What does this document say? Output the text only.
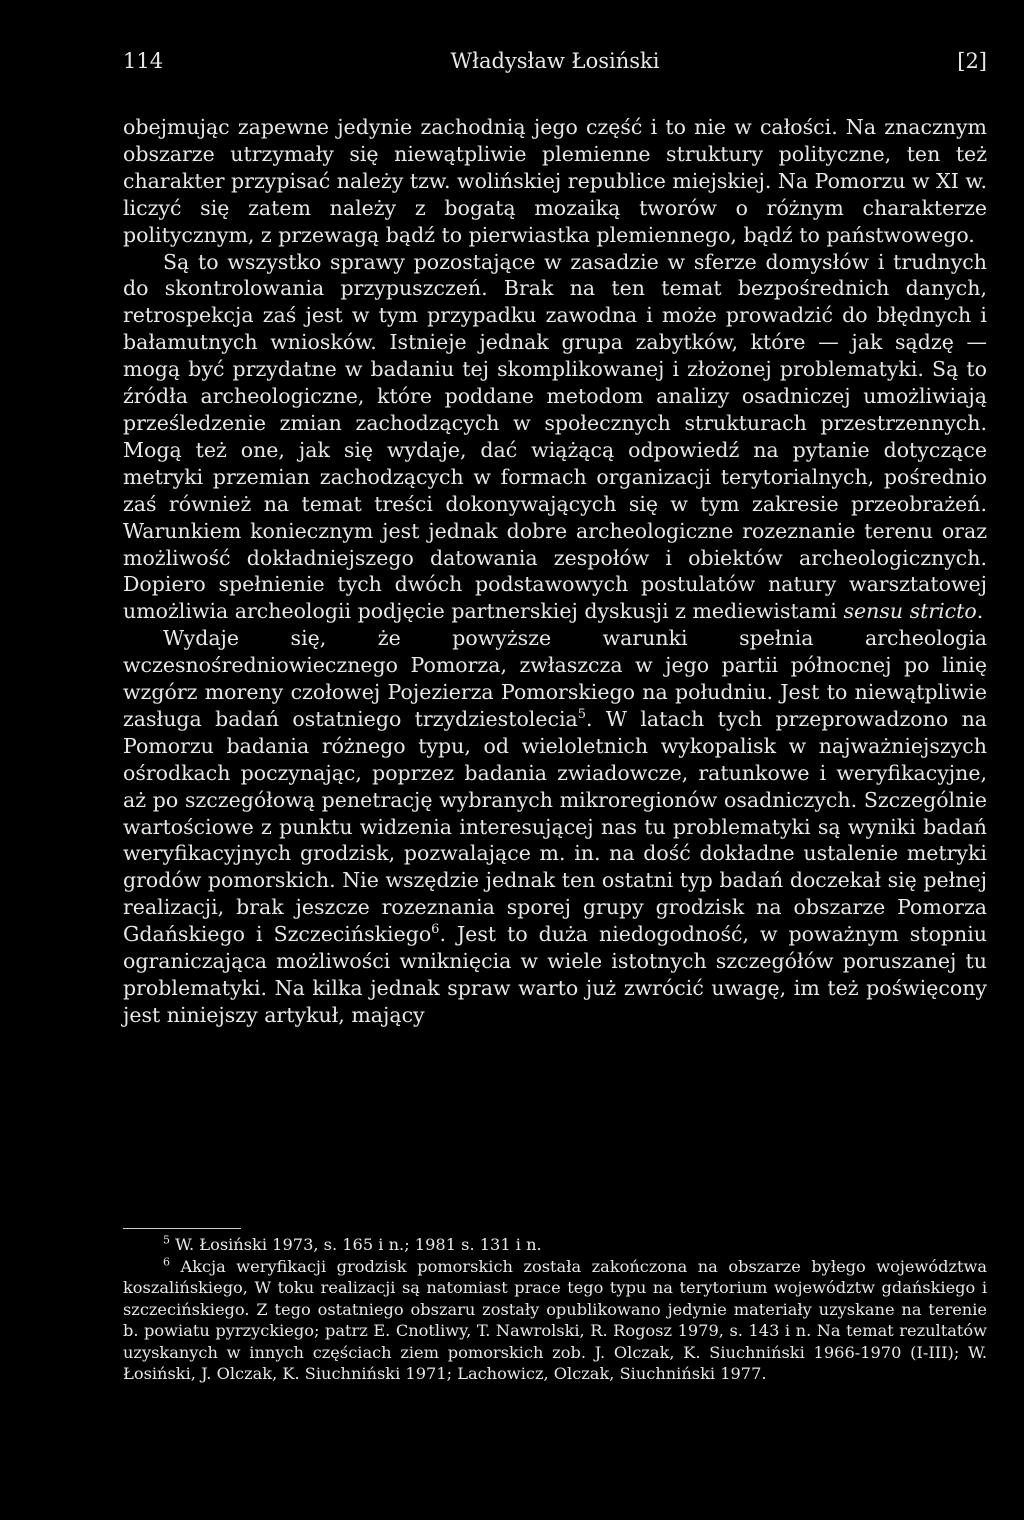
114	Władysław Łosiński	[2]

obejmując zapewne jedynie zachodnią jego część i to nie w całości. Na znacznym obszarze utrzymały się niewątpliwie plemienne struktury polityczne, ten też charakter przypisać należy tzw. wolińskiej republice miejskiej. Na Pomorzu w XI w. liczyć się zatem należy z bogatą mozaiką tworów o różnym charakterze politycznym, z przewagą bądź to pierwiastka plemiennego, bądź to państwowego.

Są to wszystko sprawy pozostające w zasadzie w sferze domysłów i trudnych do skontrolowania przypuszczeń. Brak na ten temat bezpośrednich danych, retrospekcja zaś jest w tym przypadku zawodna i może prowadzić do błędnych i bałamutnych wniosków. Istnieje jednak grupa zabytków, które — jak sądzę — mogą być przydatne w badaniu tej skomplikowanej i złożonej problematyki. Są to źródła archeologiczne, które poddane metodom analizy osadniczej umożliwiają prześledzenie zmian zachodzących w społecznych strukturach przestrzennych. Mogą też one, jak się wydaje, dać wiążącą odpowiedź na pytanie dotyczące metryki przemian zachodzących w formach organizacji terytorialnych, pośrednio zaś również na temat treści dokonywających się w tym zakresie przeobrażeń. Warunkiem koniecznym jest jednak dobre archeologiczne rozeznanie terenu oraz możliwość dokładniejszego datowania zespołów i obiektów archeologicznych. Dopiero spełnienie tych dwóch podstawowych postulatów natury warsztatowej umożliwia archeologii podjęcie partnerskiej dyskusji z mediewistami sensu stricto.

Wydaje się, że powyższe warunki spełnia archeologia wczesnośredniowiecznego Pomorza, zwłaszcza w jego partii północnej po linię wzgórz moreny czołowej Pojezierza Pomorskiego na południu. Jest to niewątpliwie zasługa badań ostatniego trzydziestolecia$^5$. W latach tych przeprowadzono na Pomorzu badania różnego typu, od wieloletnich wykopalisk w najważniejszych ośrodkach poczynając, poprzez badania zwiadowcze, ratunkowe i weryfikacyjne, aż po szczegółową penetrację wybranych mikroregionów osadniczych. Szczególnie wartościowe z punktu widzenia interesującej nas tu problematyki są wyniki badań weryfikacyjnych grodzisk, pozwalające m. in. na dość dokładne ustalenie metryki grodów pomorskich. Nie wszędzie jednak ten ostatni typ badań doczekał się pełnej realizacji, brak jeszcze rozeznania sporej grupy grodzisk na obszarze Pomorza Gdańskiego i Szczecińskiego$^6$. Jest to duża niedogodność, w poważnym stopniu ograniczająca możliwości wniknięcia w wiele istotnych szczegółów poruszanej tu problematyki. Na kilka jednak spraw warto już zwrócić uwagę, im też poświęcony jest niniejszy artykuł, mający

$^5$ W. Łosiński 1973, s. 165 i n.; 1981 s. 131 i n.

$^6$ Akcja weryfikacji grodzisk pomorskich została zakończona na obszarze byłego województwa koszalińskiego, W toku realizacji są natomiast prace tego typu na terytorium województw gdańskiego i szczecińskiego. Z tego ostatniego obszaru zostały opublikowano jedynie materiały uzyskane na terenie b. powiatu pyrzyckiego; patrz E. Cnotliwy, T. Nawrolski, R. Rogosz 1979, s. 143 i n. Na temat rezultatów uzyskanych w innych częściach ziem pomorskich zob. J. Olczak, K. Siuchniński 1966-1970 (I-III); W. Łosiński, J. Olczak, K. Siuchniński 1971; Lachowicz, Olczak, Siuchniński 1977.
